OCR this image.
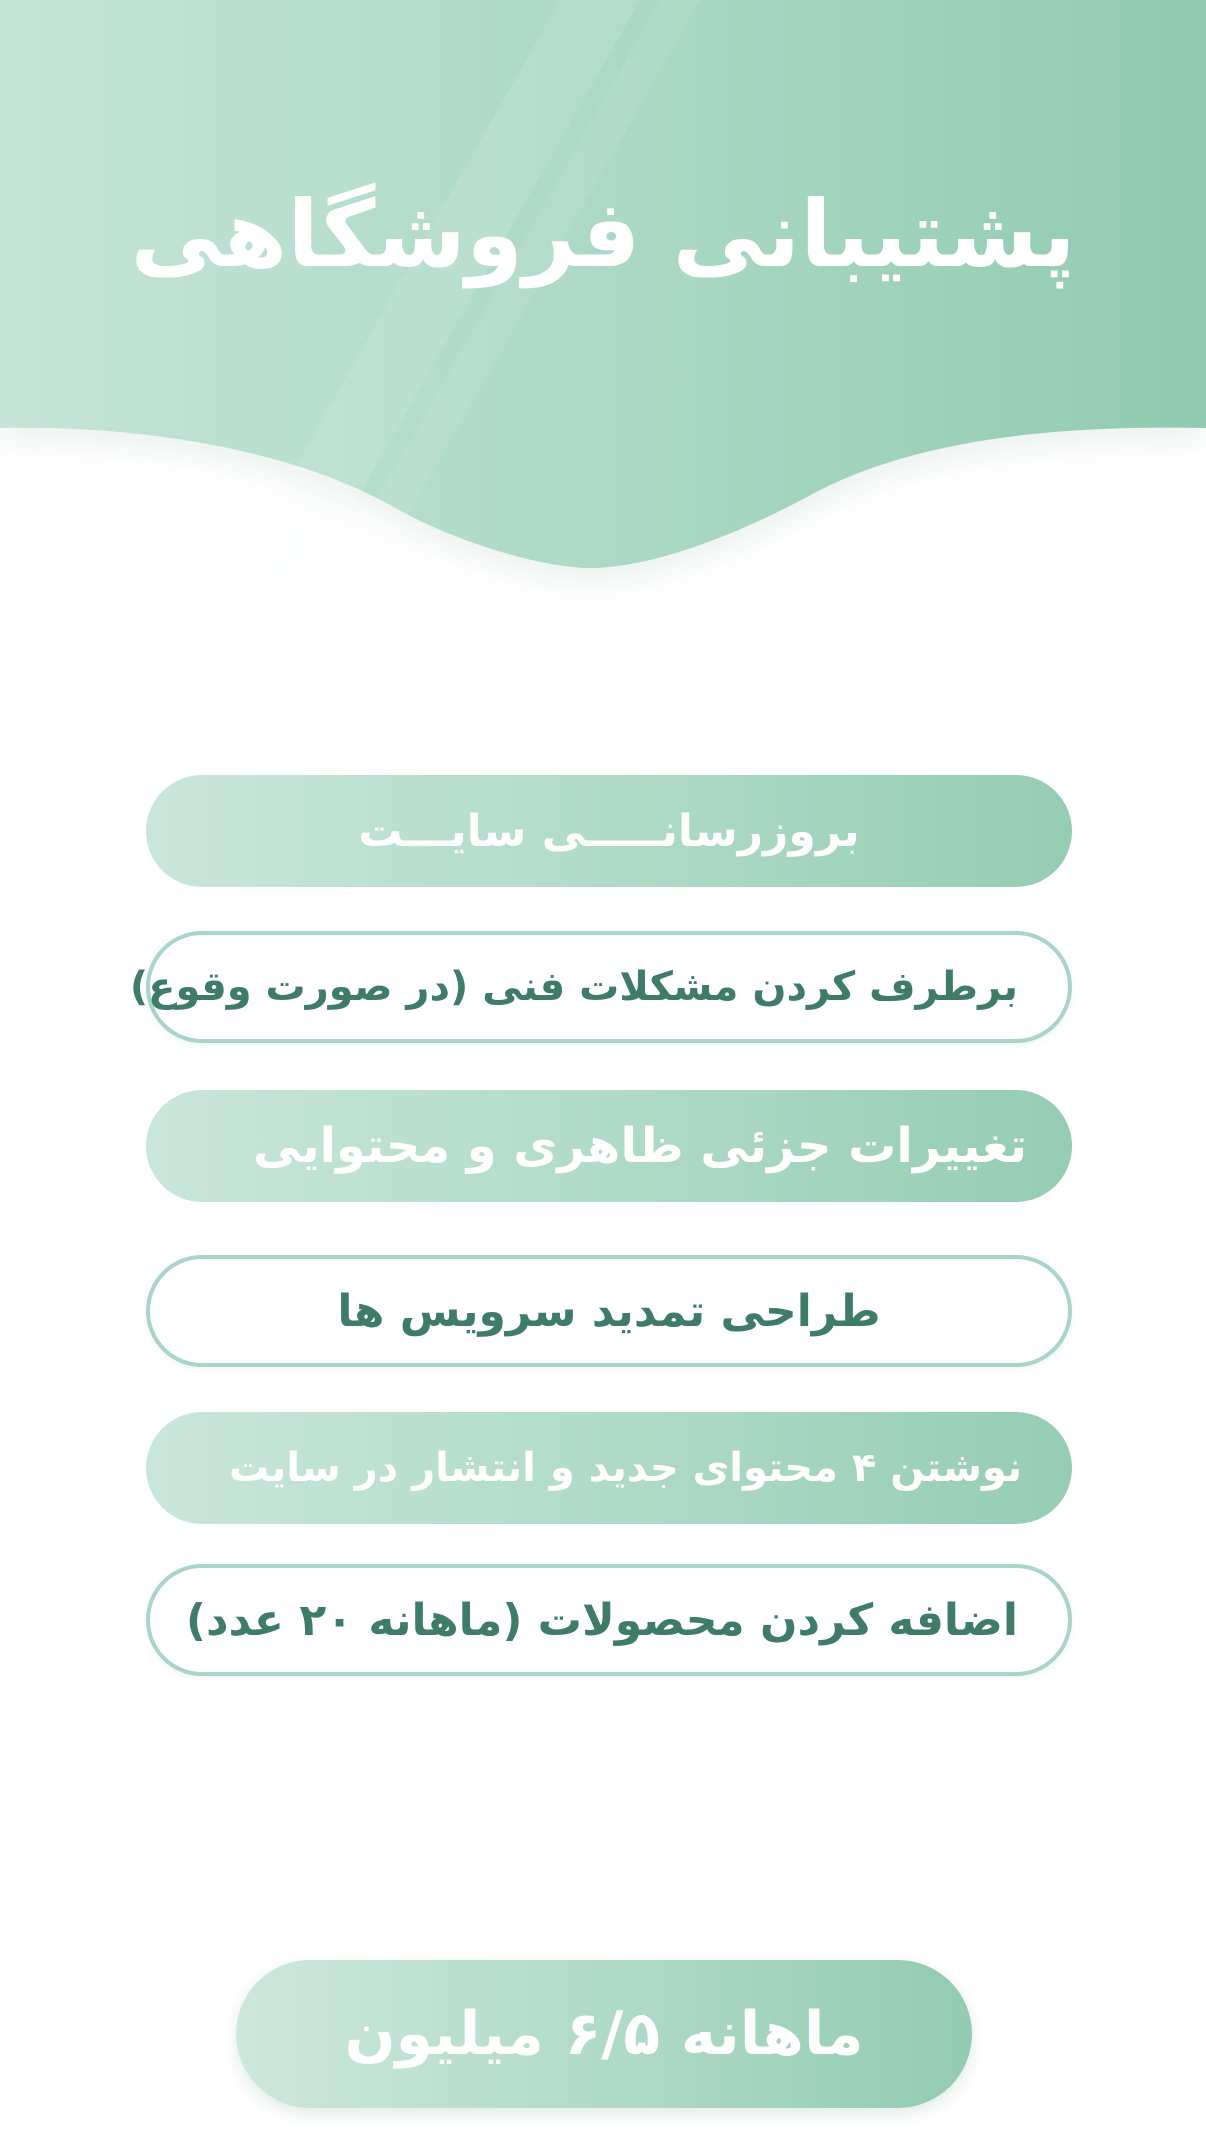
پشتیبانی فروشگاهی
بروزرسانـــــی سایـــت
برطرف کردن مشکلات فنی (در صورت وقوع)
تغییرات جزئی ظاهری و محتوایی
طراحی تمدید سرویس ها
نوشتن ۴ محتوای جدید و انتشار در سایت
اضافه کردن محصولات (ماهانه ۲۰ عدد)
ماهانه ۶/۵ میلیون
